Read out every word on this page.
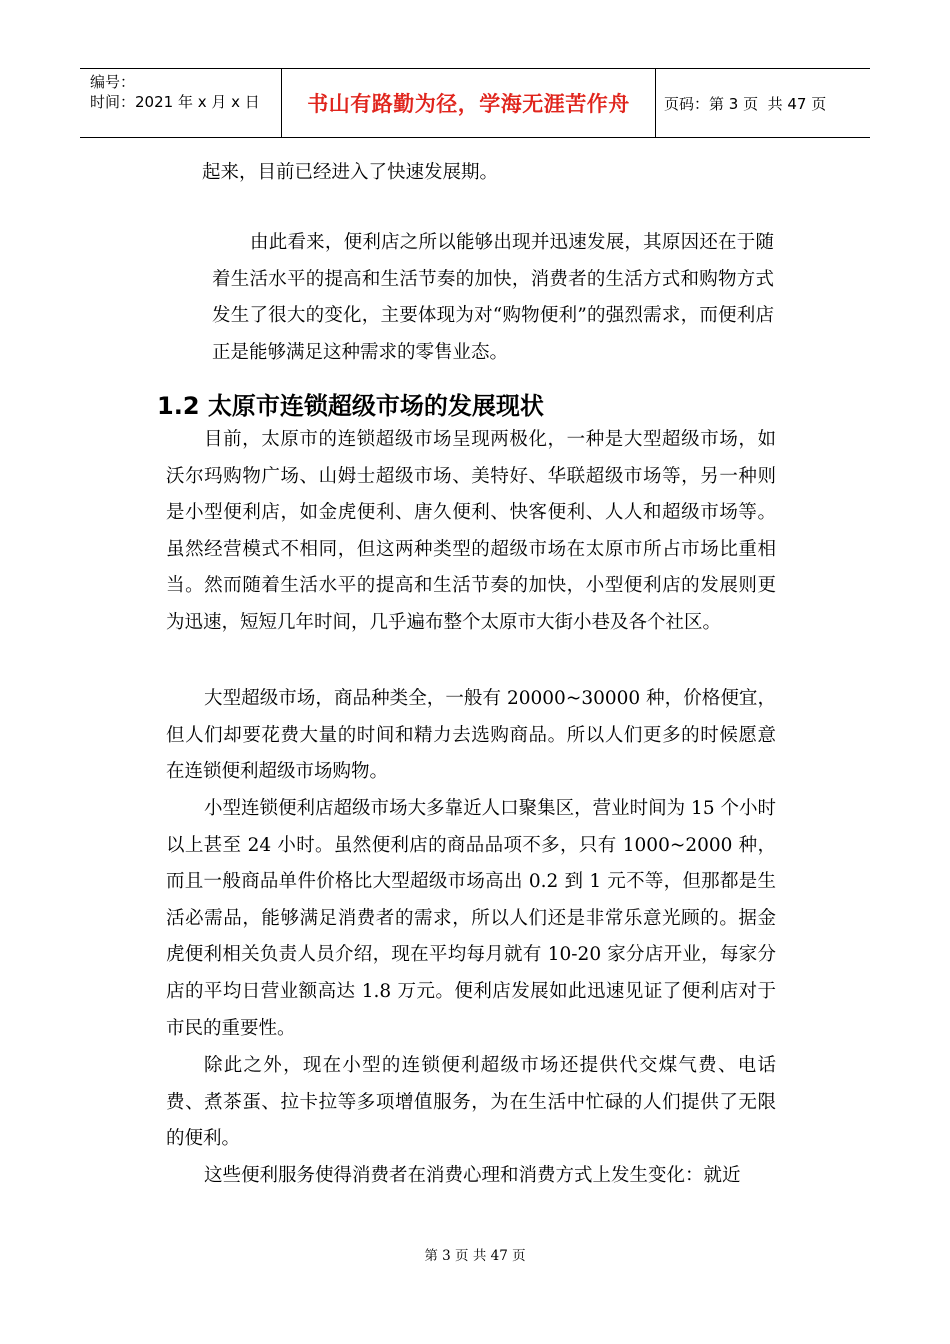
编号：
时间：2021 年 x 月 x 日	书山有路勤为径，学海无涯苦作舟 页码：第 3 页  共 47 页

起来，目前已经进入了快速发展期。

由此看来，便利店之所以能够出现并迅速发展，其原因还在于随着生活水平的提高和生活节奏的加快，消费者的生活方式和购物方式发生了很大的变化，主要体现为对“购物便利”的强烈需求，而便利店正是能够满足这种需求的零售业态。

1.2 太原市连锁超级市场的发展现状

目前，太原市的连锁超级市场呈现两极化，一种是大型超级市场，如沃尔玛购物广场、山姆士超级市场、美特好、华联超级市场等，另一种则是小型便利店，如金虎便利、唐久便利、快客便利、人人和超级市场等。虽然经营模式不相同，但这两种类型的超级市场在太原市所占市场比重相当。然而随着生活水平的提高和生活节奏的加快，小型便利店的发展则更为迅速，短短几年时间，几乎遍布整个太原市大街小巷及各个社区。

大型超级市场，商品种类全，一般有 20000~30000 种，价格便宜，但人们却要花费大量的时间和精力去选购商品。所以人们更多的时候愿意在连锁便利超级市场购物。

小型连锁便利店超级市场大多靠近人口聚集区，营业时间为 15 个小时以上甚至 24 小时。虽然便利店的商品品项不多，只有 1000~2000 种，而且一般商品单件价格比大型超级市场高出 0.2 到 1 元不等，但那都是生活必需品，能够满足消费者的需求，所以人们还是非常乐意光顾的。据金虎便利相关负责人员介绍，现在平均每月就有 10-20 家分店开业，每家分店的平均日营业额高达 1.8 万元。便利店发展如此迅速见证了便利店对于市民的重要性。

除此之外，现在小型的连锁便利超级市场还提供代交煤气费、电话费、煮茶蛋、拉卡拉等多项增值服务，为在生活中忙碌的人们提供了无限的便利。

这些便利服务使得消费者在消费心理和消费方式上发生变化：就近

第 3 页 共 47 页
